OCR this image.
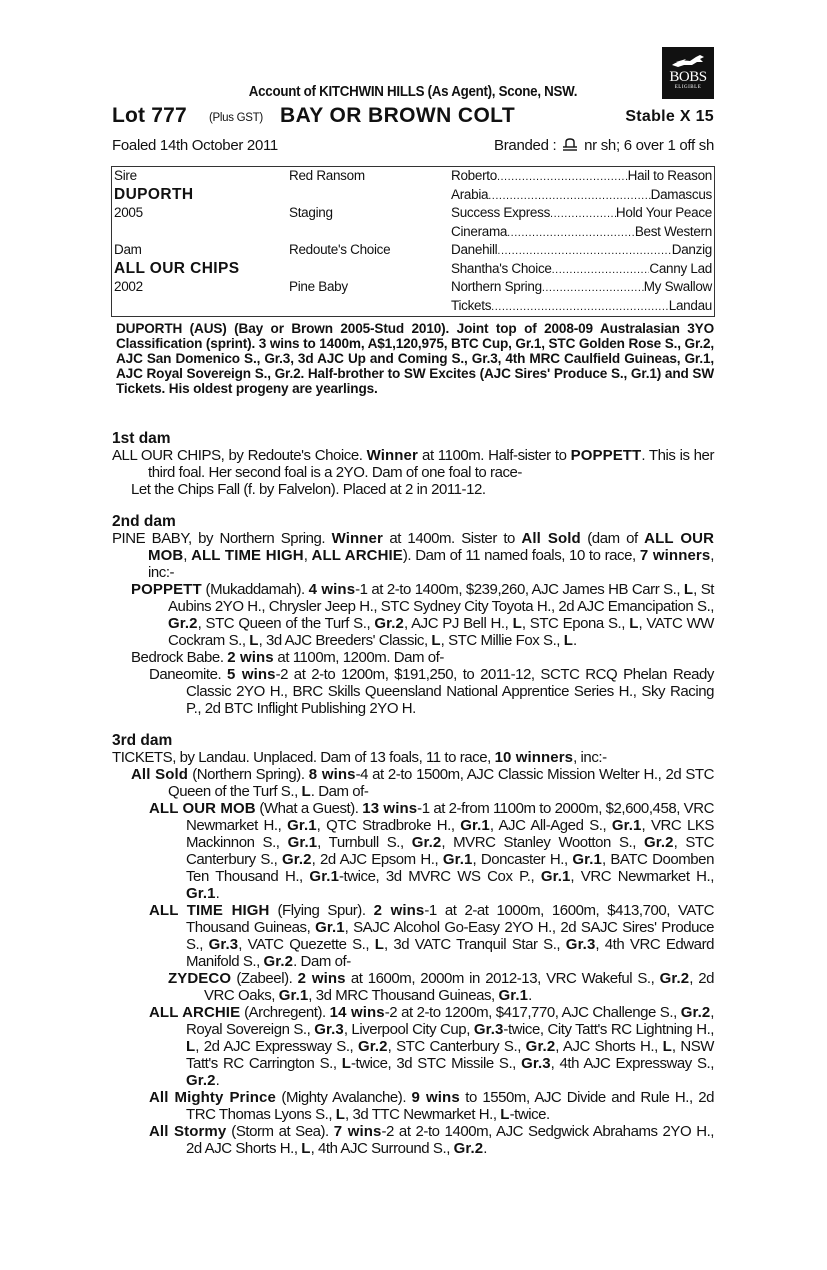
BOBS
ELIGIBLE
Account of KITCHWIN HILLS (As Agent), Scone, NSW.
Lot 777 (Plus GST) BAY OR BROWN COLT	Stable X 15
Foaled 14th October 2011	Branded : nr sh; 6 over 1 off sh
Sire	Red Ransom	Roberto .....	Hail to Reason
DUPORTH	Arabia .....	Damascus
2005	Staging	Success Express .....	Hold Your Peace
Cinerama .....	Best Western
Dam	Redoute's Choice	Danehill .....	Danzig
ALL OUR CHIPS	Shantha's Choice .....	Canny Lad
2002	Pine Baby	Northern Spring .....	My Swallow
Tickets .....	Landau
DUPORTH (AUS) (Bay or Brown 2005-Stud 2010). Joint top of 2008-09 Australasian 3YO Classification (sprint). 3 wins to 1400m, A$1,120,975, BTC Cup, Gr.1, STC Golden Rose S., Gr.2, AJC San Domenico S., Gr.3, 3d AJC Up and Coming S., Gr.3, 4th MRC Caulfield Guineas, Gr.1, AJC Royal Sovereign S., Gr.2. Half-brother to SW Excites (AJC Sires' Produce S., Gr.1) and SW Tickets. His oldest progeny are yearlings.
1st dam
ALL OUR CHIPS, by Redoute's Choice. Winner at 1100m. Half-sister to POPPETT. This is her third foal. Her second foal is a 2YO. Dam of one foal to race-
Let the Chips Fall (f. by Falvelon). Placed at 2 in 2011-12.
2nd dam
PINE BABY, by Northern Spring. Winner at 1400m. Sister to All Sold (dam of ALL OUR MOB, ALL TIME HIGH, ALL ARCHIE). Dam of 11 named foals, 10 to race, 7 winners, inc:-
POPPETT (Mukaddamah). 4 wins-1 at 2-to 1400m, $239,260, AJC James HB Carr S., L, St Aubins 2YO H., Chrysler Jeep H., STC Sydney City Toyota H., 2d AJC Emancipation S., Gr.2, STC Queen of the Turf S., Gr.2, AJC PJ Bell H., L, STC Epona S., L, VATC WW Cockram S., L, 3d AJC Breeders' Classic, L, STC Millie Fox S., L.
Bedrock Babe. 2 wins at 1100m, 1200m. Dam of-
Daneomite. 5 wins-2 at 2-to 1200m, $191,250, to 2011-12, SCTC RCQ Phelan Ready Classic 2YO H., BRC Skills Queensland National Apprentice Series H., Sky Racing P., 2d BTC Inflight Publishing 2YO H.
3rd dam
TICKETS, by Landau. Unplaced. Dam of 13 foals, 11 to race, 10 winners, inc:-
All Sold (Northern Spring). 8 wins-4 at 2-to 1500m, AJC Classic Mission Welter H., 2d STC Queen of the Turf S., L. Dam of-
ALL OUR MOB (What a Guest). 13 wins-1 at 2-from 1100m to 2000m, $2,600,458, VRC Newmarket H., Gr.1, QTC Stradbroke H., Gr.1, AJC All-Aged S., Gr.1, VRC LKS Mackinnon S., Gr.1, Turnbull S., Gr.2, MVRC Stanley Wootton S., Gr.2, STC Canterbury S., Gr.2, 2d AJC Epsom H., Gr.1, Doncaster H., Gr.1, BATC Doomben Ten Thousand H., Gr.1-twice, 3d MVRC WS Cox P., Gr.1, VRC Newmarket H., Gr.1.
ALL TIME HIGH (Flying Spur). 2 wins-1 at 2-at 1000m, 1600m, $413,700, VATC Thousand Guineas, Gr.1, SAJC Alcohol Go-Easy 2YO H., 2d SAJC Sires' Produce S., Gr.3, VATC Quezette S., L, 3d VATC Tranquil Star S., Gr.3, 4th VRC Edward Manifold S., Gr.2. Dam of-
ZYDECO (Zabeel). 2 wins at 1600m, 2000m in 2012-13, VRC Wakeful S., Gr.2, 2d VRC Oaks, Gr.1, 3d MRC Thousand Guineas, Gr.1.
ALL ARCHIE (Archregent). 14 wins-2 at 2-to 1200m, $417,770, AJC Challenge S., Gr.2, Royal Sovereign S., Gr.3, Liverpool City Cup, Gr.3-twice, City Tatt's RC Lightning H., L, 2d AJC Expressway S., Gr.2, STC Canterbury S., Gr.2, AJC Shorts H., L, NSW Tatt's RC Carrington S., L-twice, 3d STC Missile S., Gr.3, 4th AJC Expressway S., Gr.2.
All Mighty Prince (Mighty Avalanche). 9 wins to 1550m, AJC Divide and Rule H., 2d TRC Thomas Lyons S., L, 3d TTC Newmarket H., L-twice.
All Stormy (Storm at Sea). 7 wins-2 at 2-to 1400m, AJC Sedgwick Abrahams 2YO H., 2d AJC Shorts H., L, 4th AJC Surround S., Gr.2.
